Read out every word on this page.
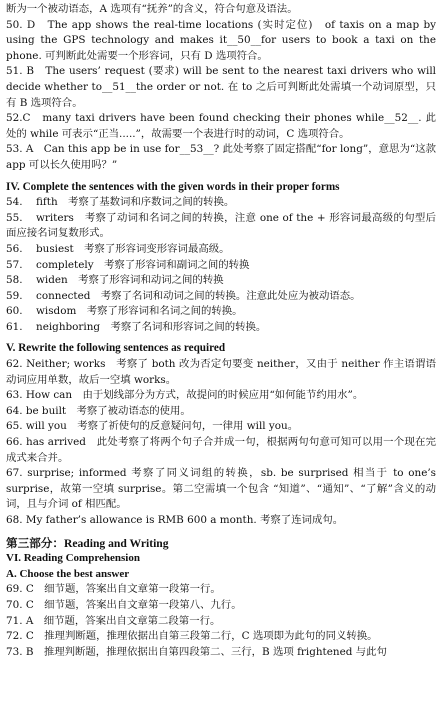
断为一个被动语态，A 选项有“抚养”的含义，符合句意及语法。

50. D　The app shows the real-time locations (实时定位)　of taxis on a map by using the GPS technology and makes it__50__for users to book a taxi on the phone. 可判断此处需要一个形容词，只有 D 选项符合。

51. B　The users’ request (要求) will be sent to the nearest taxi drivers who will decide whether to__51__the order or not. 在 to 之后可判断此处需填一个动词原型，只有 B 选项符合。

52.C　many taxi drivers have been found checking their phones while__52__. 此处的 while 可表示“正当.....”，故需要一个表进行时的动词，C 选项符合。

53. A　Can this app be in use for__53__? 此处考察了固定搭配“for long”，意思为“这款 app 可以长久使用吗？”

IV. Complete the sentences with the given words in their proper forms

54. fifth　 考察了基数词和序数词之间的转换。

55. writers　 考察了动词和名词之间的转换，注意 one of the + 形容词最高级的句型后面应接名词复数形式。

56. busiest　 考察了形容词变形容词最高级。

57. completely　 考察了形容词和副词之间的转换

58. widen　 考察了形容词和动词之间的转换

59. connected　 考察了名词和动词之间的转换。注意此处应为被动语态。

60. wisdom　 考察了形容词和名词之间的转换。

61. neighboring　 考察了名词和形容词之间的转换。

V. Rewrite the following sentences as required

62. Neither; works　考察了 both 改为否定句要变 neither，又由于 neither 作主语谓语动词应用单数，故后一空填 works。

63. How can　由于划线部分为方式，故提问的时候应用“如何能节约用水”。

64. be built　考察了被动语态的使用。

65. will you　考察了祈使句的反意疑问句，一律用 will you。

66. has arrived　此处考察了将两个句子合并成一句，根据两句句意可知可以用一个现在完成式来合并。

67. surprise; informed 考察了同义词组的转换，sb. be surprised 相当于 to one’s surprise，故第一空填 surprise。第二空需填一个包含 “知道”、“通知”、“了解”含义的动词，且与介词 of 相匹配。

68. My father’s allowance is RMB 600 a month. 考察了连词成句。

第三部分：Reading and Writing
VI. Reading Comprehension
A. Choose the best answer

69. C　细节题，答案出自文章第一段第一行。

70. C　细节题，答案出自文章第一段第八、九行。

71. A　细节题，答案出自文章第二段第一行。

72. C　推理判断题，推理依据出自第三段第二行，C 选项即为此句的同义转换。

73. B　推理判断题，推理依据出自第四段第二、三行，B 选项 frightened 与此句
